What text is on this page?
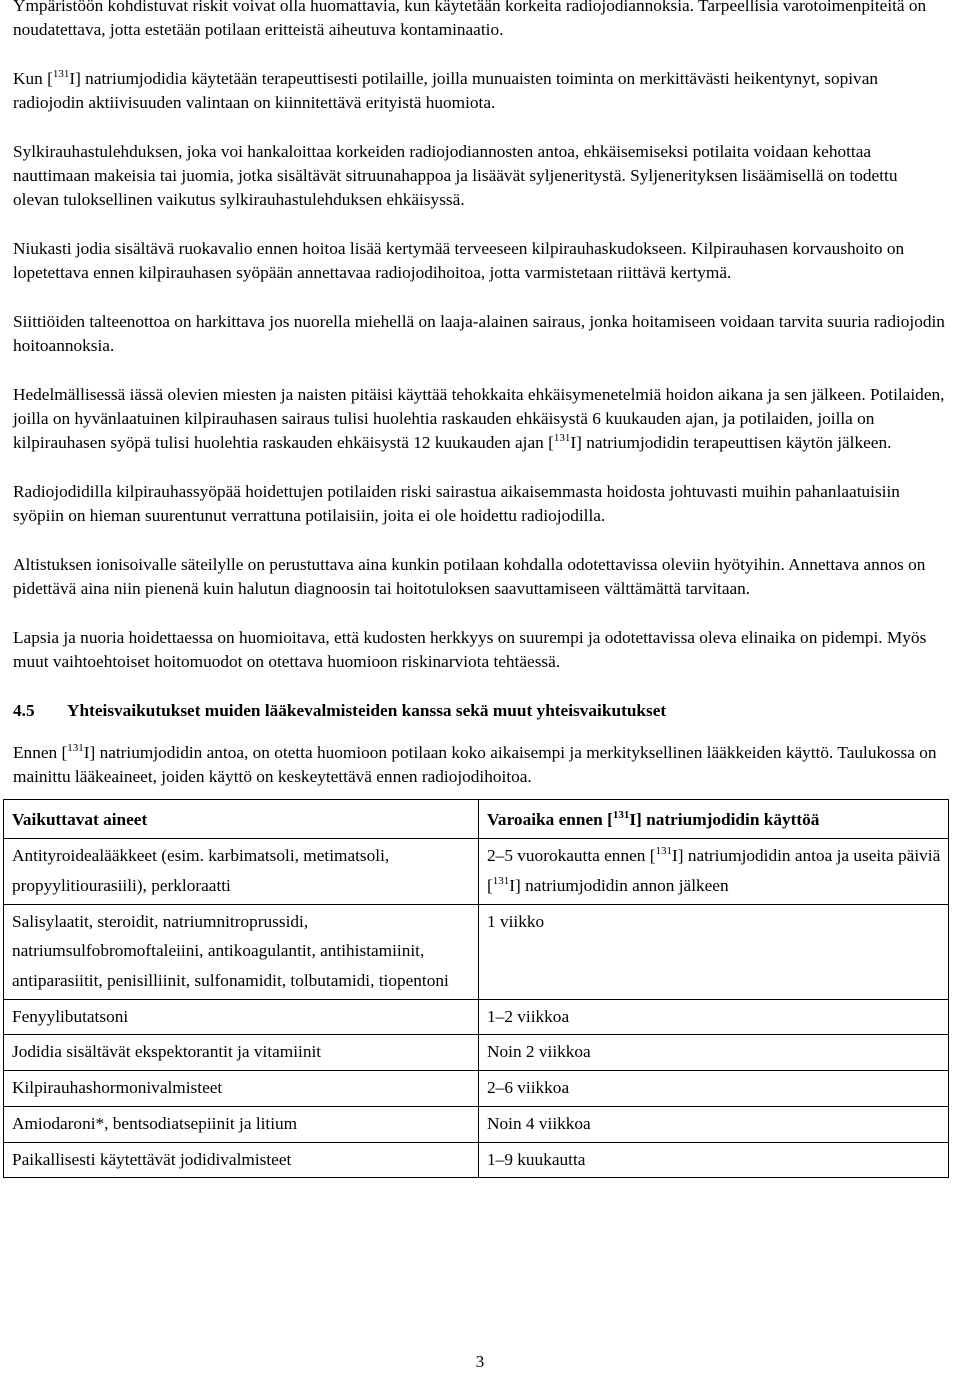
Ympäristöön kohdistuvat riskit voivat olla huomattavia, kun käytetään korkeita radiojodiannoksia. Tarpeellisia varotoimenpiteitä on noudatettava, jotta estetään potilaan eritteistä aiheutuva kontaminaatio.

Kun [$^{131}$I] natriumjodidia käytetään terapeuttisesti potilaille, joilla munuaisten toiminta on merkittävästi heikentynyt, sopivan radiojodin aktiivisuuden valintaan on kiinnitettävä erityistä huomiota.

Sylkirauhastulehduksen, joka voi hankaloittaa korkeiden radiojodiannosten antoa, ehkäisemiseksi potilaita voidaan kehottaa nauttimaan makeisia tai juomia, jotka sisältävät sitruunahappoa ja lisäävät syljeneritystä. Syljenerityksen lisäämisellä on todettu olevan tuloksellinen vaikutus sylkirauhastulehduksen ehkäisyssä.

Niukasti jodia sisältävä ruokavalio ennen hoitoa lisää kertymää terveeseen kilpirauhaskudokseen. Kilpirauhasen korvaushoito on lopetettava ennen kilpirauhasen syöpään annettavaa radiojodihoitoa, jotta varmistetaan riittävä kertymä.

Siittiöiden talteenottoa on harkittava jos nuorella miehellä on laaja-alainen sairaus, jonka hoitamiseen voidaan tarvita suuria radiojodin hoitoannoksia.

Hedelmällisessä iässä olevien miesten ja naisten pitäisi käyttää tehokkaita ehkäisymenetelmiä hoidon aikana ja sen jälkeen. Potilaiden, joilla on hyvänlaatuinen kilpirauhasen sairaus tulisi huolehtia raskauden ehkäisystä 6 kuukauden ajan, ja potilaiden, joilla on kilpirauhasen syöpä tulisi huolehtia raskauden ehkäisystä 12 kuukauden ajan [$^{131}$I] natriumjodidin terapeuttisen käytön jälkeen.

Radiojodidilla kilpirauhassyöpää hoidettujen potilaiden riski sairastua aikaisemmasta hoidosta johtuvasti muihin pahanlaatuisiin syöpiin on hieman suurentunut verrattuna potilaisiin, joita ei ole hoidettu radiojodilla.

Altistuksen ionisoivalle säteilylle on perustuttava aina kunkin potilaan kohdalla odotettavissa oleviin hyötyihin. Annettava annos on pidettävä aina niin pienenä kuin halutun diagnoosin tai hoitotuloksen saavuttamiseen välttämättä tarvitaan.

Lapsia ja nuoria hoidettaessa on huomioitava, että kudosten herkkyys on suurempi ja odotettavissa oleva elinaika on pidempi. Myös muut vaihtoehtoiset hoitomuodot on otettava huomioon riskinarviota tehtäessä.

4.5	Yhteisvaikutukset muiden lääkevalmisteiden kanssa sekä muut yhteisvaikutukset

Ennen [$^{131}$I] natriumjodidin antoa, on otetta huomioon potilaan koko aikaisempi ja merkityksellinen lääkkeiden käyttö. Taulukossa on mainittu lääkeaineet, joiden käyttö on keskeytettävä ennen radiojodihoitoa.

Vaikuttavat aineet	Varoaika ennen [$^{131}$I] natriumjodidin käyttöä
Antityroidealääkkeet (esim. karbimatsoli, metimatsoli, propyylitiourasiili), perkloraatti	2–5 vuorokautta ennen [$^{131}$I] natriumjodidin antoa ja useita päiviä [$^{131}$I] natriumjodidin annon jälkeen
Salisylaatit, steroidit, natriumnitroprussidi, natriumsulfobromoftaleiini, antikoagulantit, antihistamiinit, antiparasiitit, penisilliinit, sulfonamidit, tolbutamidi, tiopentoni	1 viikko
Fenyylibutatsoni	1–2 viikkoa
Jodidia sisältävät ekspektorantit ja vitamiinit	Noin 2 viikkoa
Kilpirauhashormonivalmisteet	2–6 viikkoa
Amiodaroni*, bentsodiatsepiinit ja litium	Noin 4 viikkoa
Paikallisesti käytettävät jodidivalmisteet	1–9 kuukautta
3
